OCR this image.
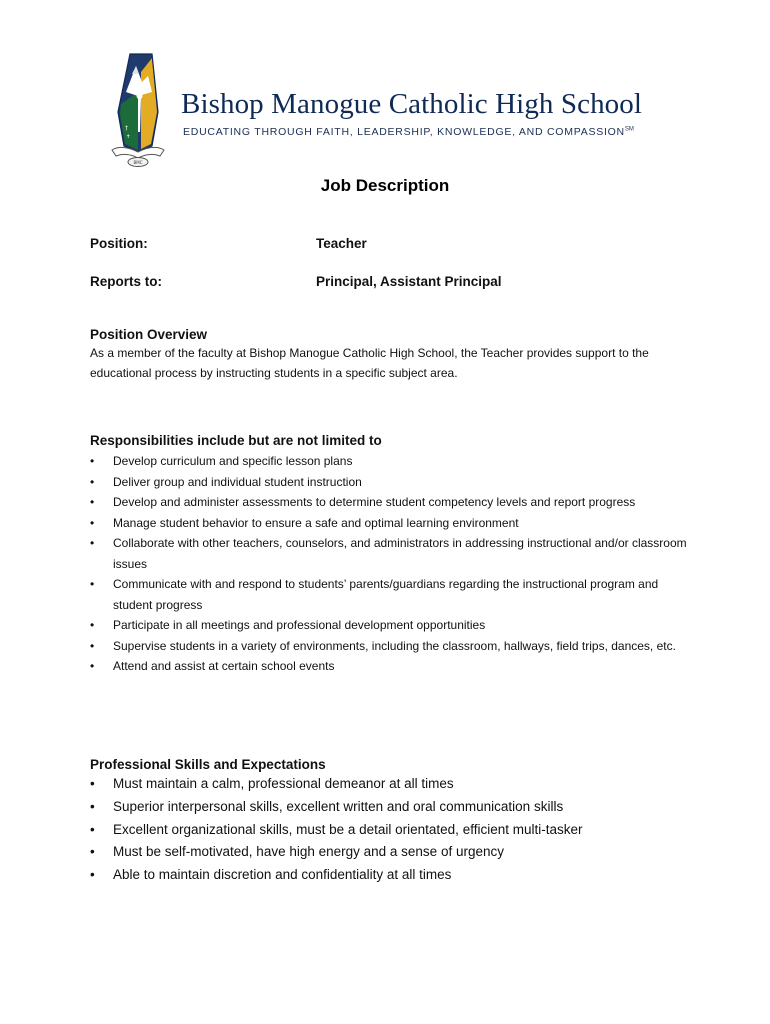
†
✝
BMC
Bishop Manogue Catholic High School
EDUCATING THROUGH FAITH, LEADERSHIP, KNOWLEDGE, AND COMPASSION℠
Job Description
Position:	Teacher
Reports to:	Principal, Assistant Principal
Position Overview

As a member of the faculty at Bishop Manogue Catholic High School, the Teacher provides support to the educational process by instructing students in a specific subject area.

Responsibilities include but are not limited to
• Develop curriculum and specific lesson plans
• Deliver group and individual student instruction
• Develop and administer assessments to determine student competency levels and report progress
• Manage student behavior to ensure a safe and optimal learning environment
• Collaborate with other teachers, counselors, and administrators in addressing instructional and/or classroom issues
• Communicate with and respond to students’ parents/guardians regarding the instructional program and student progress
• Participate in all meetings and professional development opportunities
• Supervise students in a variety of environments, including the classroom, hallways, field trips, dances, etc.
• Attend and assist at certain school events
Professional Skills and Expectations
• Must maintain a calm, professional demeanor at all times
• Superior interpersonal skills, excellent written and oral communication skills
• Excellent organizational skills, must be a detail orientated, efficient multi-tasker
• Must be self-motivated, have high energy and a sense of urgency
• Able to maintain discretion and confidentiality at all times
